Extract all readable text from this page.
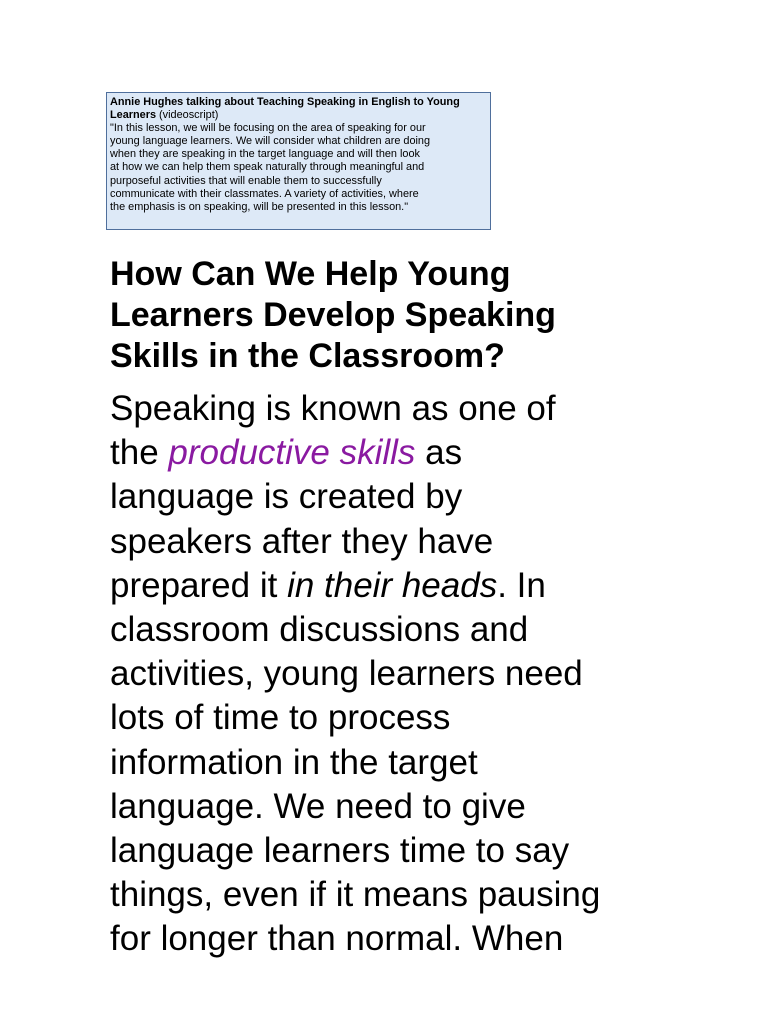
Annie Hughes talking about Teaching Speaking in English to Young Learners (videoscript)
"In this lesson, we will be focusing on the area of speaking for our
young language learners. We will consider what children are doing
when they are speaking in the target language and will then look
at how we can help them speak naturally through meaningful and
purposeful activities that will enable them to successfully
communicate with their classmates. A variety of activities, where
the emphasis is on speaking, will be presented in this lesson."
How Can We Help Young
Learners Develop Speaking
Skills in the Classroom?

Speaking is known as one of
the productive skills as
language is created by
speakers after they have
prepared it in their heads. In
classroom discussions and
activities, young learners need
lots of time to process
information in the target
language. We need to give
language learners time to say
things, even if it means pausing
for longer than normal. When
